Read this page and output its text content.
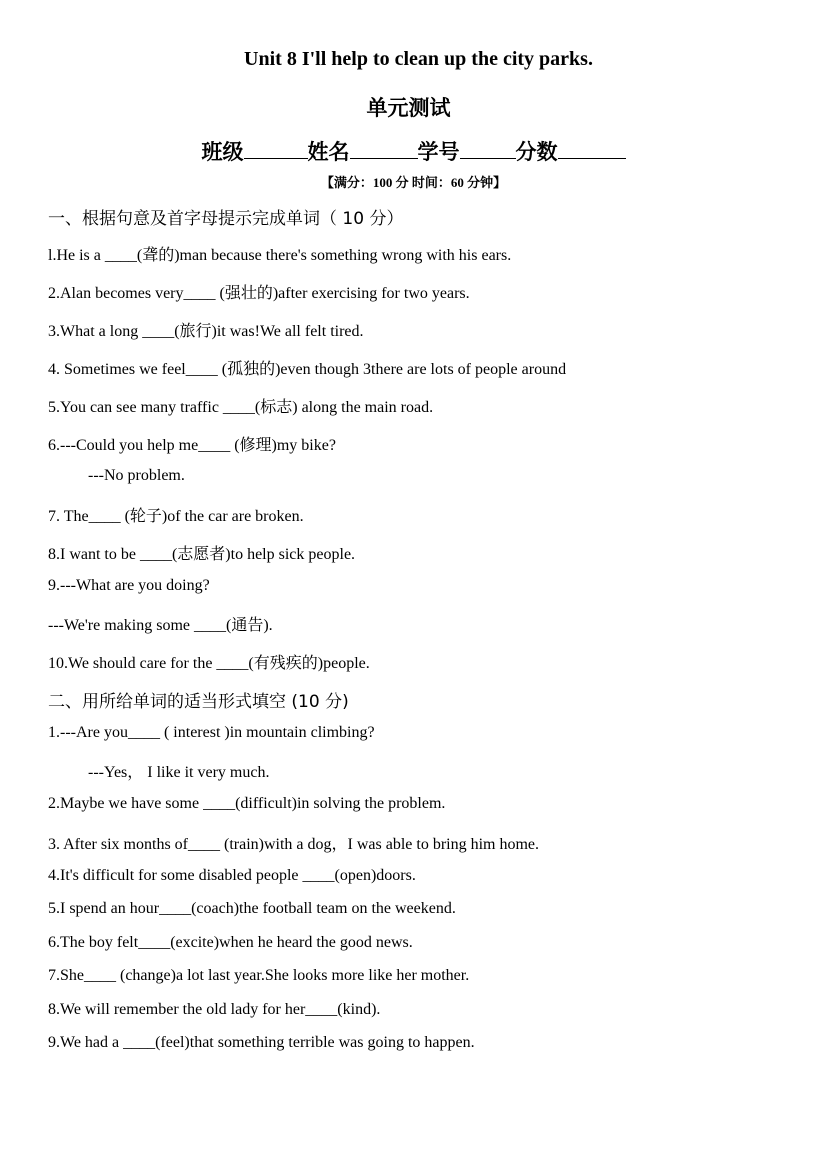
Unit 8 I'll help to clean up the city parks.
单元测试
班级	姓名	学号	分数
【满分：100 分 时间：60 分钟】
一、根据句意及首字母提示完成单词（ 10 分）
l.He is a ____(聋的)man because there's something wrong with his ears.
2.Alan becomes very____ (强壮的)after exercising for two years.
3.What a long ____(旅行)it was!We all felt tired.
4. Sometimes we feel____ (孤独的)even though 3there are lots of people around
5.You can see many traffic ____(标志) along the main road.
6.---Could you help me____ (修理)my bike?
---No problem.
7. The____ (轮子)of the car are broken.
8.I want to be ____(志愿者)to help sick people.
9.---What are you doing?
---We're making some ____(通告).
10.We should care for the ____(有残疾的)people.
二、用所给单词的适当形式填空 (10 分)
1.---Are you____ ( interest )in mountain climbing?
---Yes， I like it very much.
2.Maybe we have some ____(difficult)in solving the problem.
3. After six months of____ (train)with a dog，I was able to bring him home.
4.It's difficult for some disabled people ____(open)doors.
5.I spend an hour____(coach)the football team on the weekend.
6.The boy felt____(excite)when he heard the good news.
7.She____ (change)a lot last year.She looks more like her mother.
8.We will remember the old lady for her____(kind).
9.We had a ____(feel)that something terrible was going to happen.
